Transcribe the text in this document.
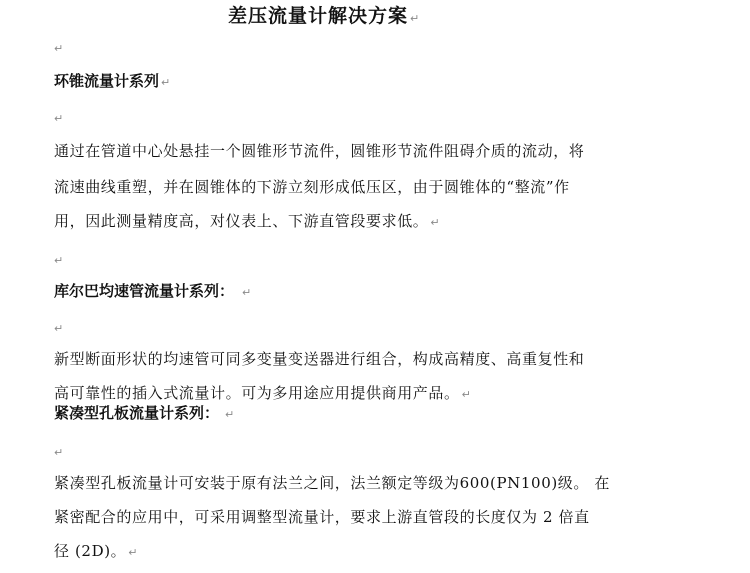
差压流量计解决方案 ↵
↵
环锥流量计系列 ↵
↵
通过在管道中心处悬挂一个圆锥形节流件，圆锥形节流件阻碍介质的流动，将
流速曲线重塑，并在圆锥体的下游立刻形成低压区，由于圆锥体的“整流”作
用，因此测量精度高，对仪表上、下游直管段要求低。 ↵
↵
库尔巴均速管流量计系列： ↵
↵
新型断面形状的均速管可同多变量变送器进行组合，构成高精度、高重复性和
高可靠性的插入式流量计。可为多用途应用提供商用产品。 ↵
紧凑型孔板流量计系列： ↵
↵
紧凑型孔板流量计可安装于原有法兰之间，法兰额定等级为600(PN100)级。 在
紧密配合的应用中，可采用调整型流量计，要求上游直管段的长度仅为 2 倍直
径 (2D)。 ↵
